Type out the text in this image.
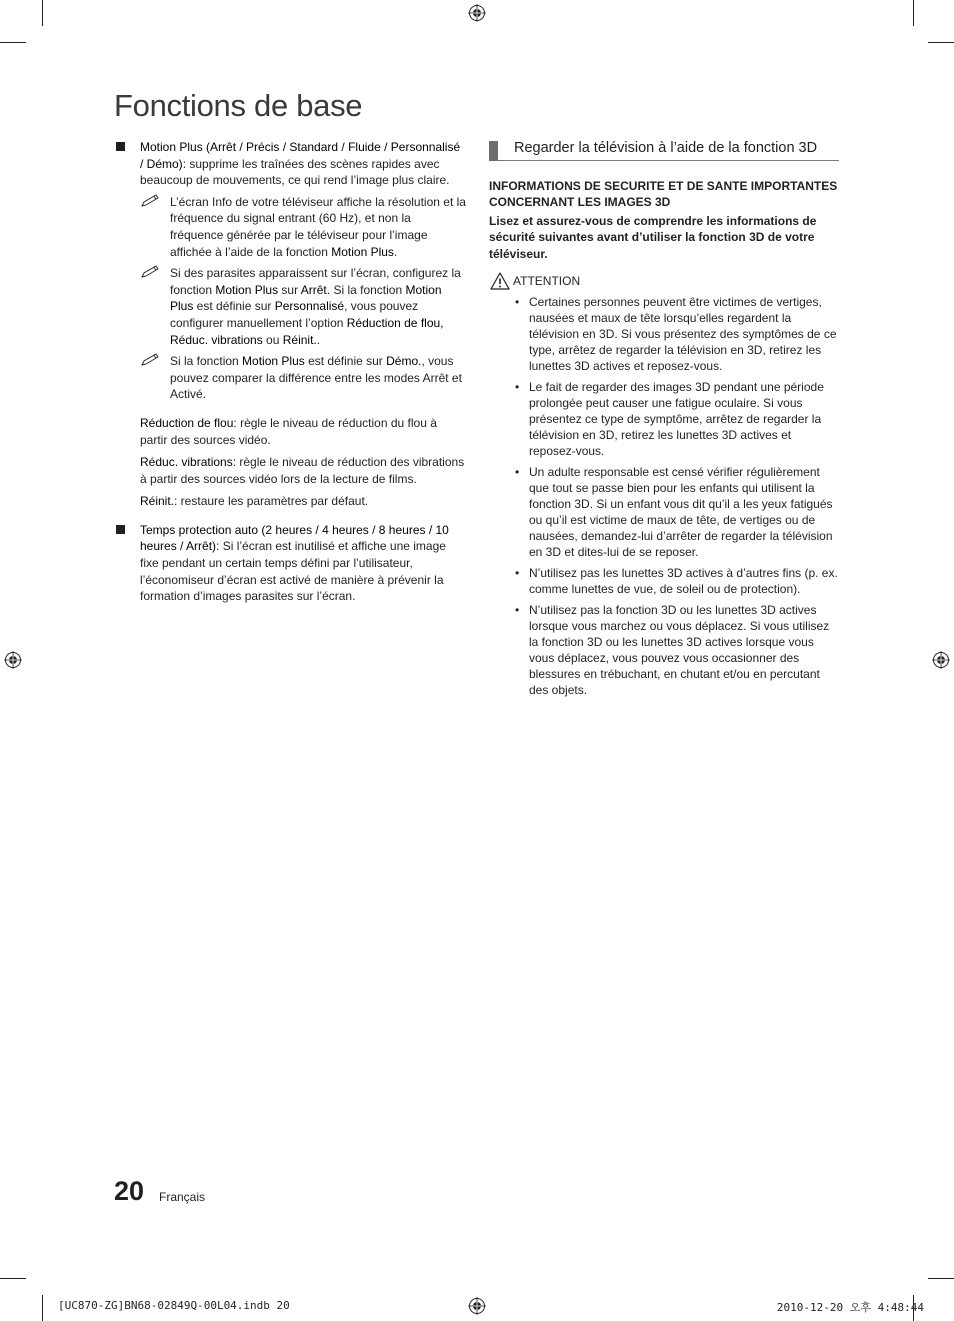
Fonctions de base
Motion Plus (Arrêt / Précis / Standard / Fluide / Personnalisé / Démo): supprime les traînées des scènes rapides avec beaucoup de mouvements, ce qui rend l’image plus claire.
L’écran Info de votre téléviseur affiche la résolution et la fréquence du signal entrant (60 Hz), et non la fréquence générée par le téléviseur pour l’image affichée à l’aide de la fonction Motion Plus.
Si des parasites apparaissent sur l’écran, configurez la fonction Motion Plus sur Arrêt. Si la fonction Motion Plus est définie sur Personnalisé, vous pouvez configurer manuellement l’option Réduction de flou, Réduc. vibrations ou Réinit..
Si la fonction Motion Plus est définie sur Démo., vous pouvez comparer la différence entre les modes Arrêt et Activé.
Réduction de flou: règle le niveau de réduction du flou à partir des sources vidéo.
Réduc. vibrations: règle le niveau de réduction des vibrations à partir des sources vidéo lors de la lecture de films.
Réinit.: restaure les paramètres par défaut.
Temps protection auto (2 heures / 4 heures / 8 heures / 10 heures / Arrêt): Si l’écran est inutilisé et affiche une image fixe pendant un certain temps défini par l’utilisateur, l’économiseur d’écran est activé de manière à prévenir la formation d’images parasites sur l’écran.
Regarder la télévision à l’aide de la fonction 3D
INFORMATIONS DE SECURITE ET DE SANTE IMPORTANTES CONCERNANT LES IMAGES 3D
Lisez et assurez-vous de comprendre les informations de sécurité suivantes avant d’utiliser la fonction 3D de votre téléviseur.
ATTENTION
• Certaines personnes peuvent être victimes de vertiges, nausées et maux de tête lorsqu’elles regardent la télévision en 3D. Si vous présentez des symptômes de ce type, arrêtez de regarder la télévision en 3D, retirez les lunettes 3D actives et reposez-vous.
• Le fait de regarder des images 3D pendant une période prolongée peut causer une fatigue oculaire. Si vous présentez ce type de symptôme, arrêtez de regarder la télévision en 3D, retirez les lunettes 3D actives et reposez-vous.
• Un adulte responsable est censé vérifier régulièrement que tout se passe bien pour les enfants qui utilisent la fonction 3D. Si un enfant vous dit qu’il a les yeux fatigués ou qu’il est victime de maux de tête, de vertiges ou de nausées, demandez-lui d’arrêter de regarder la télévision en 3D et dites-lui de se reposer.
• N’utilisez pas les lunettes 3D actives à d’autres fins (p. ex. comme lunettes de vue, de soleil ou de protection).
• N’utilisez pas la fonction 3D ou les lunettes 3D actives lorsque vous marchez ou vous déplacez. Si vous utilisez la fonction 3D ou les lunettes 3D actives lorsque vous vous déplacez, vous pouvez vous occasionner des blessures en trébuchant, en chutant et/ou en percutant des objets.
20 Français
[UC870-ZG]BN68-02849Q-00L04.indb 20	2010-12-20 오후 4:48:44
